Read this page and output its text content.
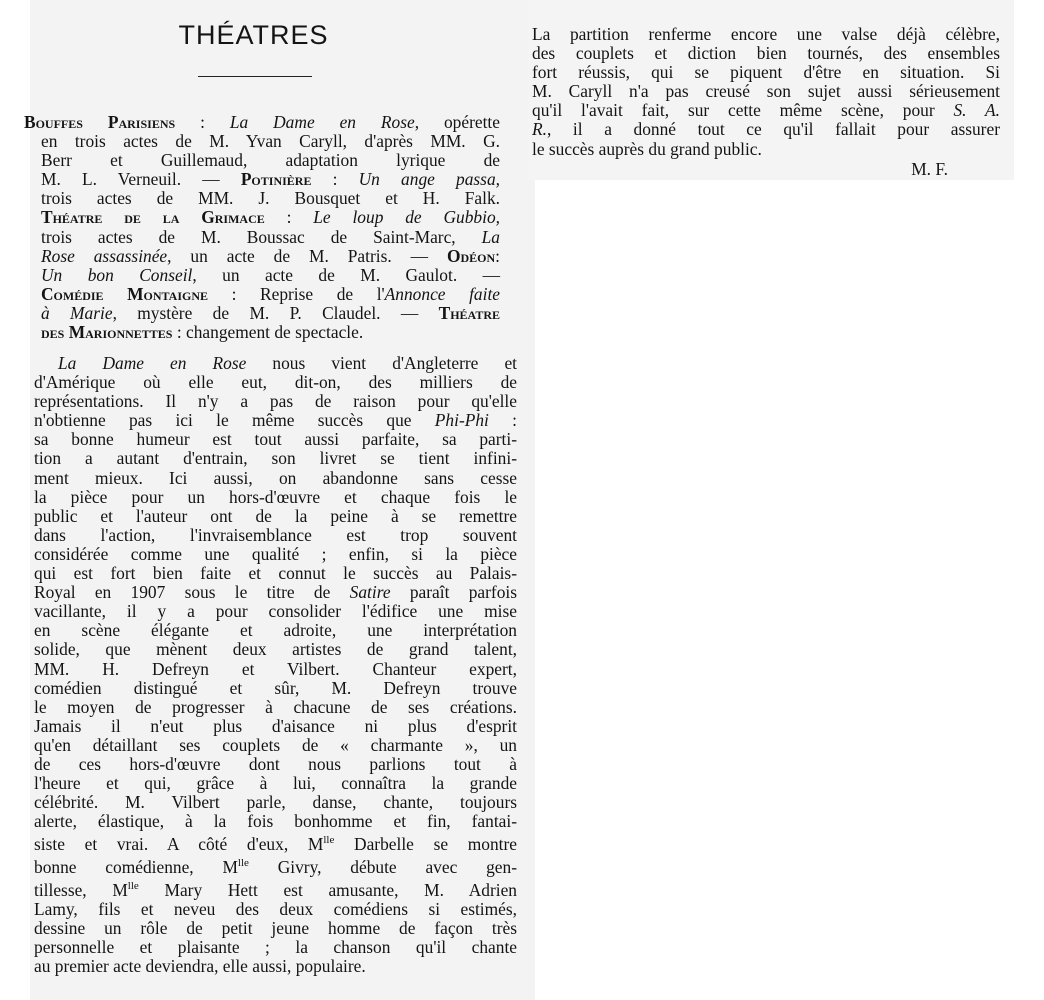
THÉATRES
Bouffes Parisiens : La Dame en Rose, opérette
en trois actes de M. Yvan Caryll, d'après MM. G.
Berr et Guillemaud, adaptation lyrique de
M. L. Verneuil. — Potinière : Un ange passa,
trois actes de MM. J. Bousquet et H. Falk.
Théatre de la Grimace : Le loup de Gubbio,
trois actes de M. Boussac de Saint-Marc, La
Rose assassinée, un acte de M. Patris. — Odéon:
Un bon Conseil, un acte de M. Gaulot. —
Comédie Montaigne : Reprise de l'Annonce faite
à Marie, mystère de M. P. Claudel. — Théatre
des Marionnettes : changement de spectacle.
La Dame en Rose nous vient d'Angleterre et
d'Amérique où elle eut, dit-on, des milliers de
représentations. Il n'y a pas de raison pour qu'elle
n'obtienne pas ici le même succès que Phi-Phi :
sa bonne humeur est tout aussi parfaite, sa parti-
tion a autant d'entrain, son livret se tient infini-
ment mieux. Ici aussi, on abandonne sans cesse
la pièce pour un hors-d'œuvre et chaque fois le
public et l'auteur ont de la peine à se remettre
dans l'action, l'invraisemblance est trop souvent
considérée comme une qualité ; enfin, si la pièce
qui est fort bien faite et connut le succès au Palais-
Royal en 1907 sous le titre de Satire paraît parfois
vacillante, il y a pour consolider l'édifice une mise
en scène élégante et adroite, une interprétation
solide, que mènent deux artistes de grand talent,
MM. H. Defreyn et Vilbert. Chanteur expert,
comédien distingué et sûr, M. Defreyn trouve
le moyen de progresser à chacune de ses créations.
Jamais il n'eut plus d'aisance ni plus d'esprit
qu'en détaillant ses couplets de « charmante », un
de ces hors-d'œuvre dont nous parlions tout à
l'heure et qui, grâce à lui, connaîtra la grande
célébrité. M. Vilbert parle, danse, chante, toujours
alerte, élastique, à la fois bonhomme et fin, fantai-
siste et vrai. A côté d'eux, $M^{lle}$ Darbelle se montre
bonne comédienne, $M^{lle}$ Givry, débute avec gen-
tillesse, $M^{lle}$ Mary Hett est amusante, M. Adrien
Lamy, fils et neveu des deux comédiens si estimés,
dessine un rôle de petit jeune homme de façon très
personnelle et plaisante ; la chanson qu'il chante
au premier acte deviendra, elle aussi, populaire.
La partition renferme encore une valse déjà célèbre,
des couplets et diction bien tournés, des ensembles
fort réussis, qui se piquent d'être en situation. Si
M. Caryll n'a pas creusé son sujet aussi sérieusement
qu'il l'avait fait, sur cette même scène, pour S. A.
R., il a donné tout ce qu'il fallait pour assurer
le succès auprès du grand public.
M. F.
